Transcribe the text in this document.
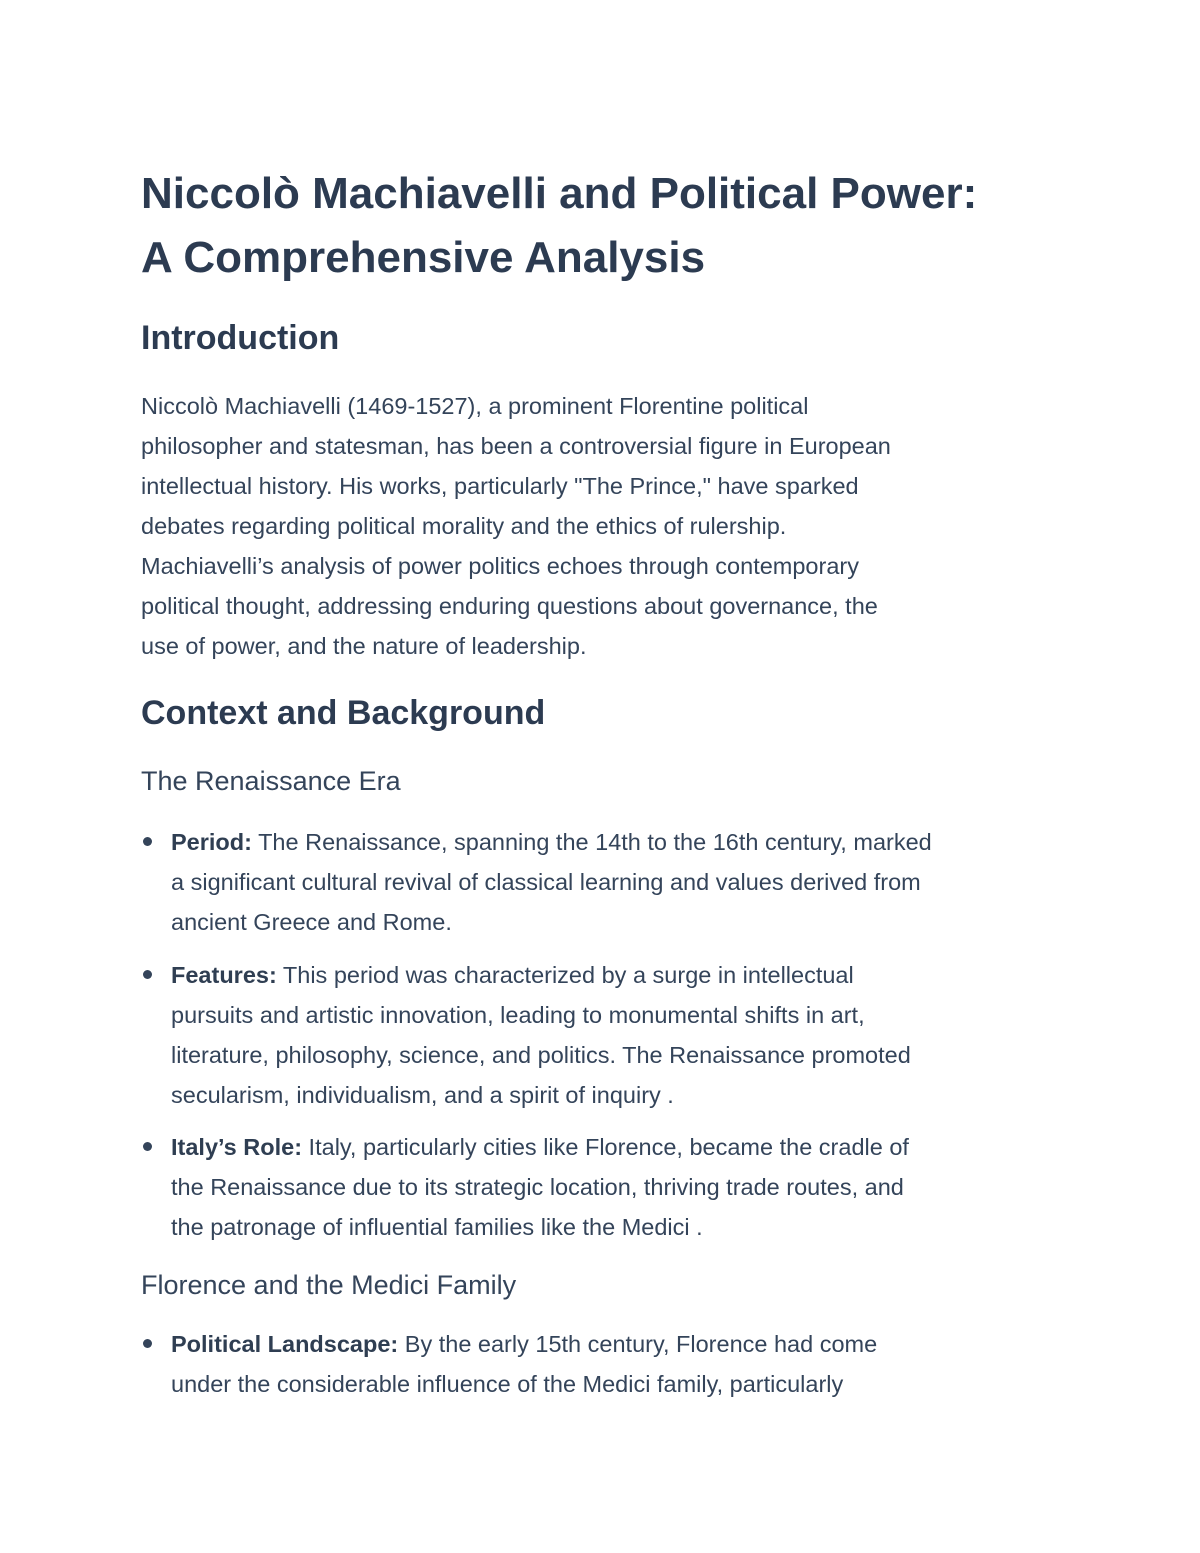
Niccolò Machiavelli and Political Power:
A Comprehensive Analysis
Introduction

Niccolò Machiavelli (1469-1527), a prominent Florentine political
philosopher and statesman, has been a controversial figure in European
intellectual history. His works, particularly "The Prince," have sparked
debates regarding political morality and the ethics of rulership.
Machiavelli’s analysis of power politics echoes through contemporary
political thought, addressing enduring questions about governance, the
use of power, and the nature of leadership.

Context and Background
The Renaissance Era
Period: The Renaissance, spanning the 14th to the 16th century, marked
a significant cultural revival of classical learning and values derived from
ancient Greece and Rome.
Features: This period was characterized by a surge in intellectual
pursuits and artistic innovation, leading to monumental shifts in art,
literature, philosophy, science, and politics. The Renaissance promoted
secularism, individualism, and a spirit of inquiry .
Italy’s Role: Italy, particularly cities like Florence, became the cradle of
the Renaissance due to its strategic location, thriving trade routes, and
the patronage of influential families like the Medici .
Florence and the Medici Family
Political Landscape: By the early 15th century, Florence had come
under the considerable influence of the Medici family, particularly
